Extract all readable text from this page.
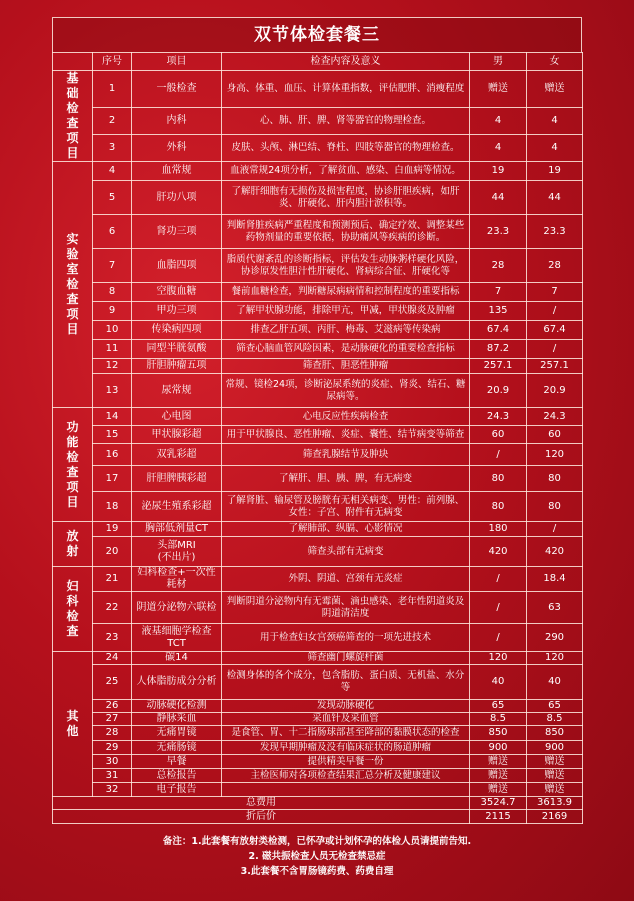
双节体检套餐三
	序号	项目	检查内容及意义	男	女
基础检查项目	1	一般检查	身高、体重、血压、计算体重指数，评估肥胖、消瘦程度	赠送	赠送
	2	内科	心、肺、肝、脾、肾等器官的物理检查。	4	4
	3	外科	皮肤、头颅、淋巴结、脊柱、四肢等器官的物理检查。	4	4
实验室检查项目	4	血常规	血液常规24项分析，了解贫血、感染、白血病等情况。	19	19
	5	肝功八项	了解肝细胞有无损伤及损害程度，协诊肝胆疾病，如肝炎、肝硬化、肝内胆汁淤积等。	44	44
	6	肾功三项	判断肾脏疾病严重程度和预测预后、确定疗效、调整某些药物剂量的重要依据，协助痛风等疾病的诊断。	23.3	23.3
	7	血脂四项	脂质代谢紊乱的诊断指标，评估发生动脉粥样硬化风险，协诊原发性胆汁性肝硬化、肾病综合征、肝硬化等	28	28
	8	空腹血糖	餐前血糖检查，判断糖尿病病情和控制程度的重要指标	7	7
	9	甲功三项	了解甲状腺功能，排除甲亢，甲减，甲状腺炎及肿瘤	135	/
	10	传染病四项	排查乙肝五项、丙肝、梅毒、艾滋病等传染病	67.4	67.4
	11	同型半胱氨酸	筛查心脑血管风险因素，是动脉硬化的重要检查指标	87.2	/
	12	肝胆肿瘤五项	筛查肝、胆恶性肿瘤	257.1	257.1
	13	尿常规	常规、镜检24项，诊断泌尿系统的炎症、肾炎、结石、糖尿病等。	20.9	20.9
功能检查项目	14	心电图	心电反应性疾病检查	24.3	24.3
	15	甲状腺彩超	用于甲状腺良、恶性肿瘤、炎症、囊性、结节病变等筛查	60	60
	16	双乳彩超	筛查乳腺结节及肿块	/	120
	17	肝胆脾胰彩超	了解肝、胆、胰、脾，有无病变	80	80
	18	泌尿生殖系彩超	了解肾脏、输尿管及膀胱有无相关病变、男性：前列腺、女性：子宫、附件有无病变	80	80
放射	19	胸部低剂量CT	了解肺部、纵膈、心影情况	180	/
	20	头部MRI
(不出片)	筛查头部有无病变	420	420
妇科检查	21	妇科检查+一次性耗材	外阴、阴道、宫颈有无炎症	/	18.4
	22	阴道分泌物六联检	判断阴道分泌物内有无霉菌、滴虫感染、老年性阴道炎及阴道清洁度	/	63
	23	液基细胞学检查TCT	用于检查妇女宫颈癌筛查的一项先进技术	/	290
其他	24	碳14	筛查幽门螺旋杆菌	120	120
	25	人体脂肪成分分析	检测身体的各个成分，包含脂肪、蛋白质、无机盐、水分等	40	40
	26	动脉硬化检测	发现动脉硬化	65	65
	27	静脉采血	采血针及采血管	8.5	8.5
	28	无痛胃镜	是食管、胃、十二指肠球部甚至降部的黏膜状态的检查	850	850
	29	无痛肠镜	发现早期肿瘤及没有临床症状的肠道肿瘤	900	900
	30	早餐	提供精美早餐一份	赠送	赠送
	31	总检报告	主检医师对各项检查结果汇总分析及健康建议	赠送	赠送
	32	电子报告		赠送	赠送
总费用				3524.7	3613.9
折后价				2115	2169
备注：1.此套餐有放射类检测，已怀孕或计划怀孕的体检人员请提前告知.
2. 磁共振检查人员无检查禁忌症
3.此套餐不含胃肠镜药费、药费自理
